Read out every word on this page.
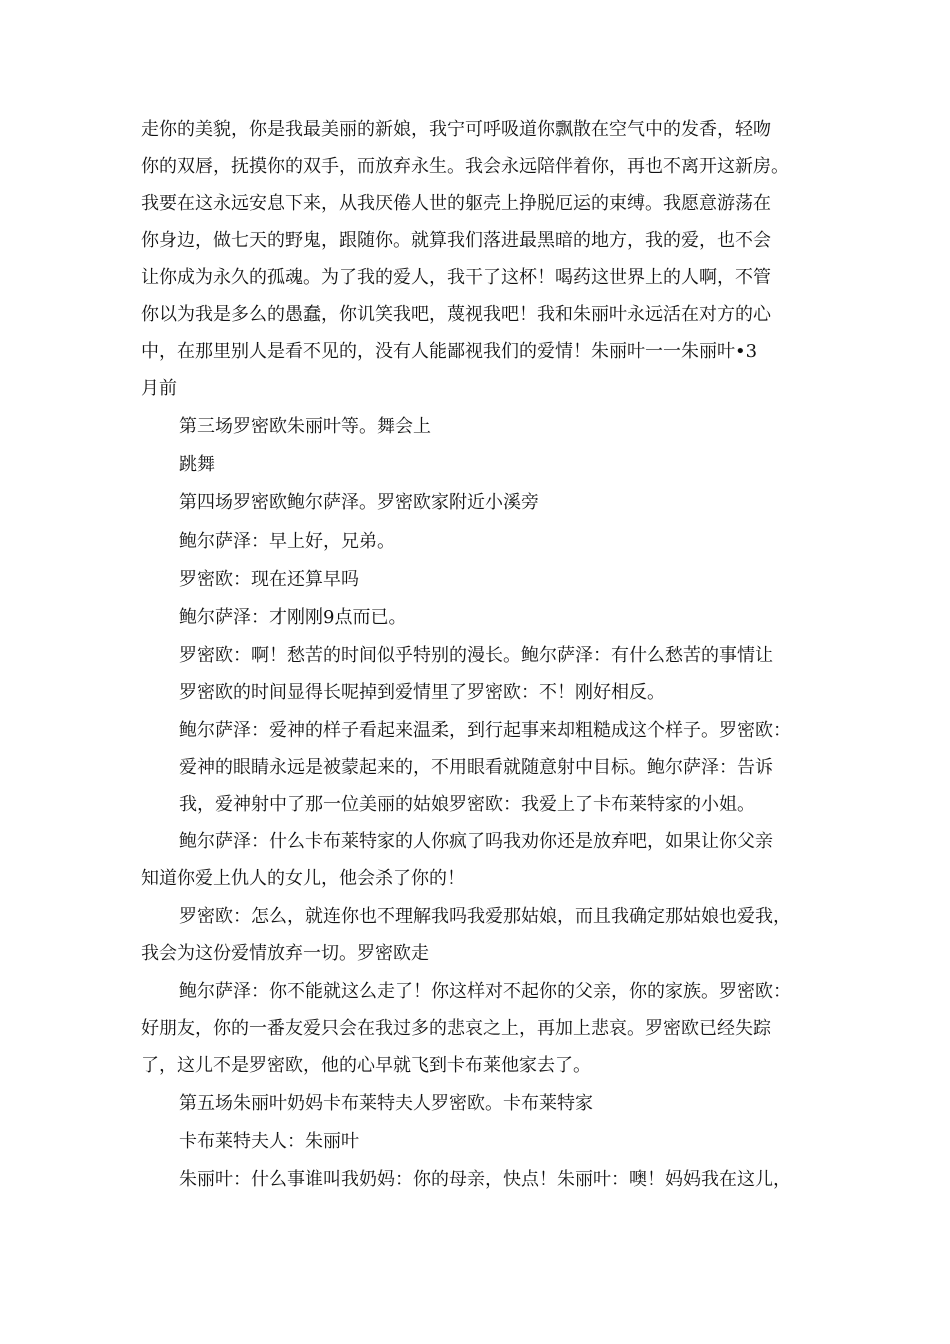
走你的美貌，你是我最美丽的新娘，我宁可呼吸道你飘散在空气中的发香，轻吻
你的双唇，抚摸你的双手，而放弃永生。我会永远陪伴着你，再也不离开这新房。
我要在这永远安息下来，从我厌倦人世的躯壳上挣脱厄运的束缚。我愿意游荡在
你身边，做七天的野鬼，跟随你。就算我们落进最黑暗的地方，我的爱，也不会
让你成为永久的孤魂。为了我的爱人，我干了这杯！喝药这世界上的人啊，不管
你以为我是多么的愚蠢，你讥笑我吧，蔑视我吧！我和朱丽叶永远活在对方的心
中，在那里别人是看不见的，没有人能鄙视我们的爱情！朱丽叶一一朱丽叶•3
月前
第三场罗密欧朱丽叶等。舞会上
跳舞
第四场罗密欧鲍尔萨泽。罗密欧家附近小溪旁
鲍尔萨泽：早上好，兄弟。
罗密欧：现在还算早吗
鲍尔萨泽：才刚刚9点而已。
罗密欧：啊！愁苦的时间似乎特别的漫长。鲍尔萨泽：有什么愁苦的事情让
罗密欧的时间显得长呢掉到爱情里了罗密欧：不！刚好相反。
鲍尔萨泽：爱神的样子看起来温柔，到行起事来却粗糙成这个样子。罗密欧：
爱神的眼睛永远是被蒙起来的，不用眼看就随意射中目标。鲍尔萨泽：告诉
我，爱神射中了那一位美丽的姑娘罗密欧：我爱上了卡布莱特家的小姐。
鲍尔萨泽：什么卡布莱特家的人你疯了吗我劝你还是放弃吧，如果让你父亲
知道你爱上仇人的女儿，他会杀了你的！
罗密欧：怎么，就连你也不理解我吗我爱那姑娘，而且我确定那姑娘也爱我，
我会为这份爱情放弃一切。罗密欧走
鲍尔萨泽：你不能就这么走了！你这样对不起你的父亲，你的家族。罗密欧：
好朋友，你的一番友爱只会在我过多的悲哀之上，再加上悲哀。罗密欧已经失踪
了，这儿不是罗密欧，他的心早就飞到卡布莱他家去了。
第五场朱丽叶奶妈卡布莱特夫人罗密欧。卡布莱特家
卡布莱特夫人：朱丽叶
朱丽叶：什么事谁叫我奶妈：你的母亲，快点！朱丽叶：噢！妈妈我在这儿，
